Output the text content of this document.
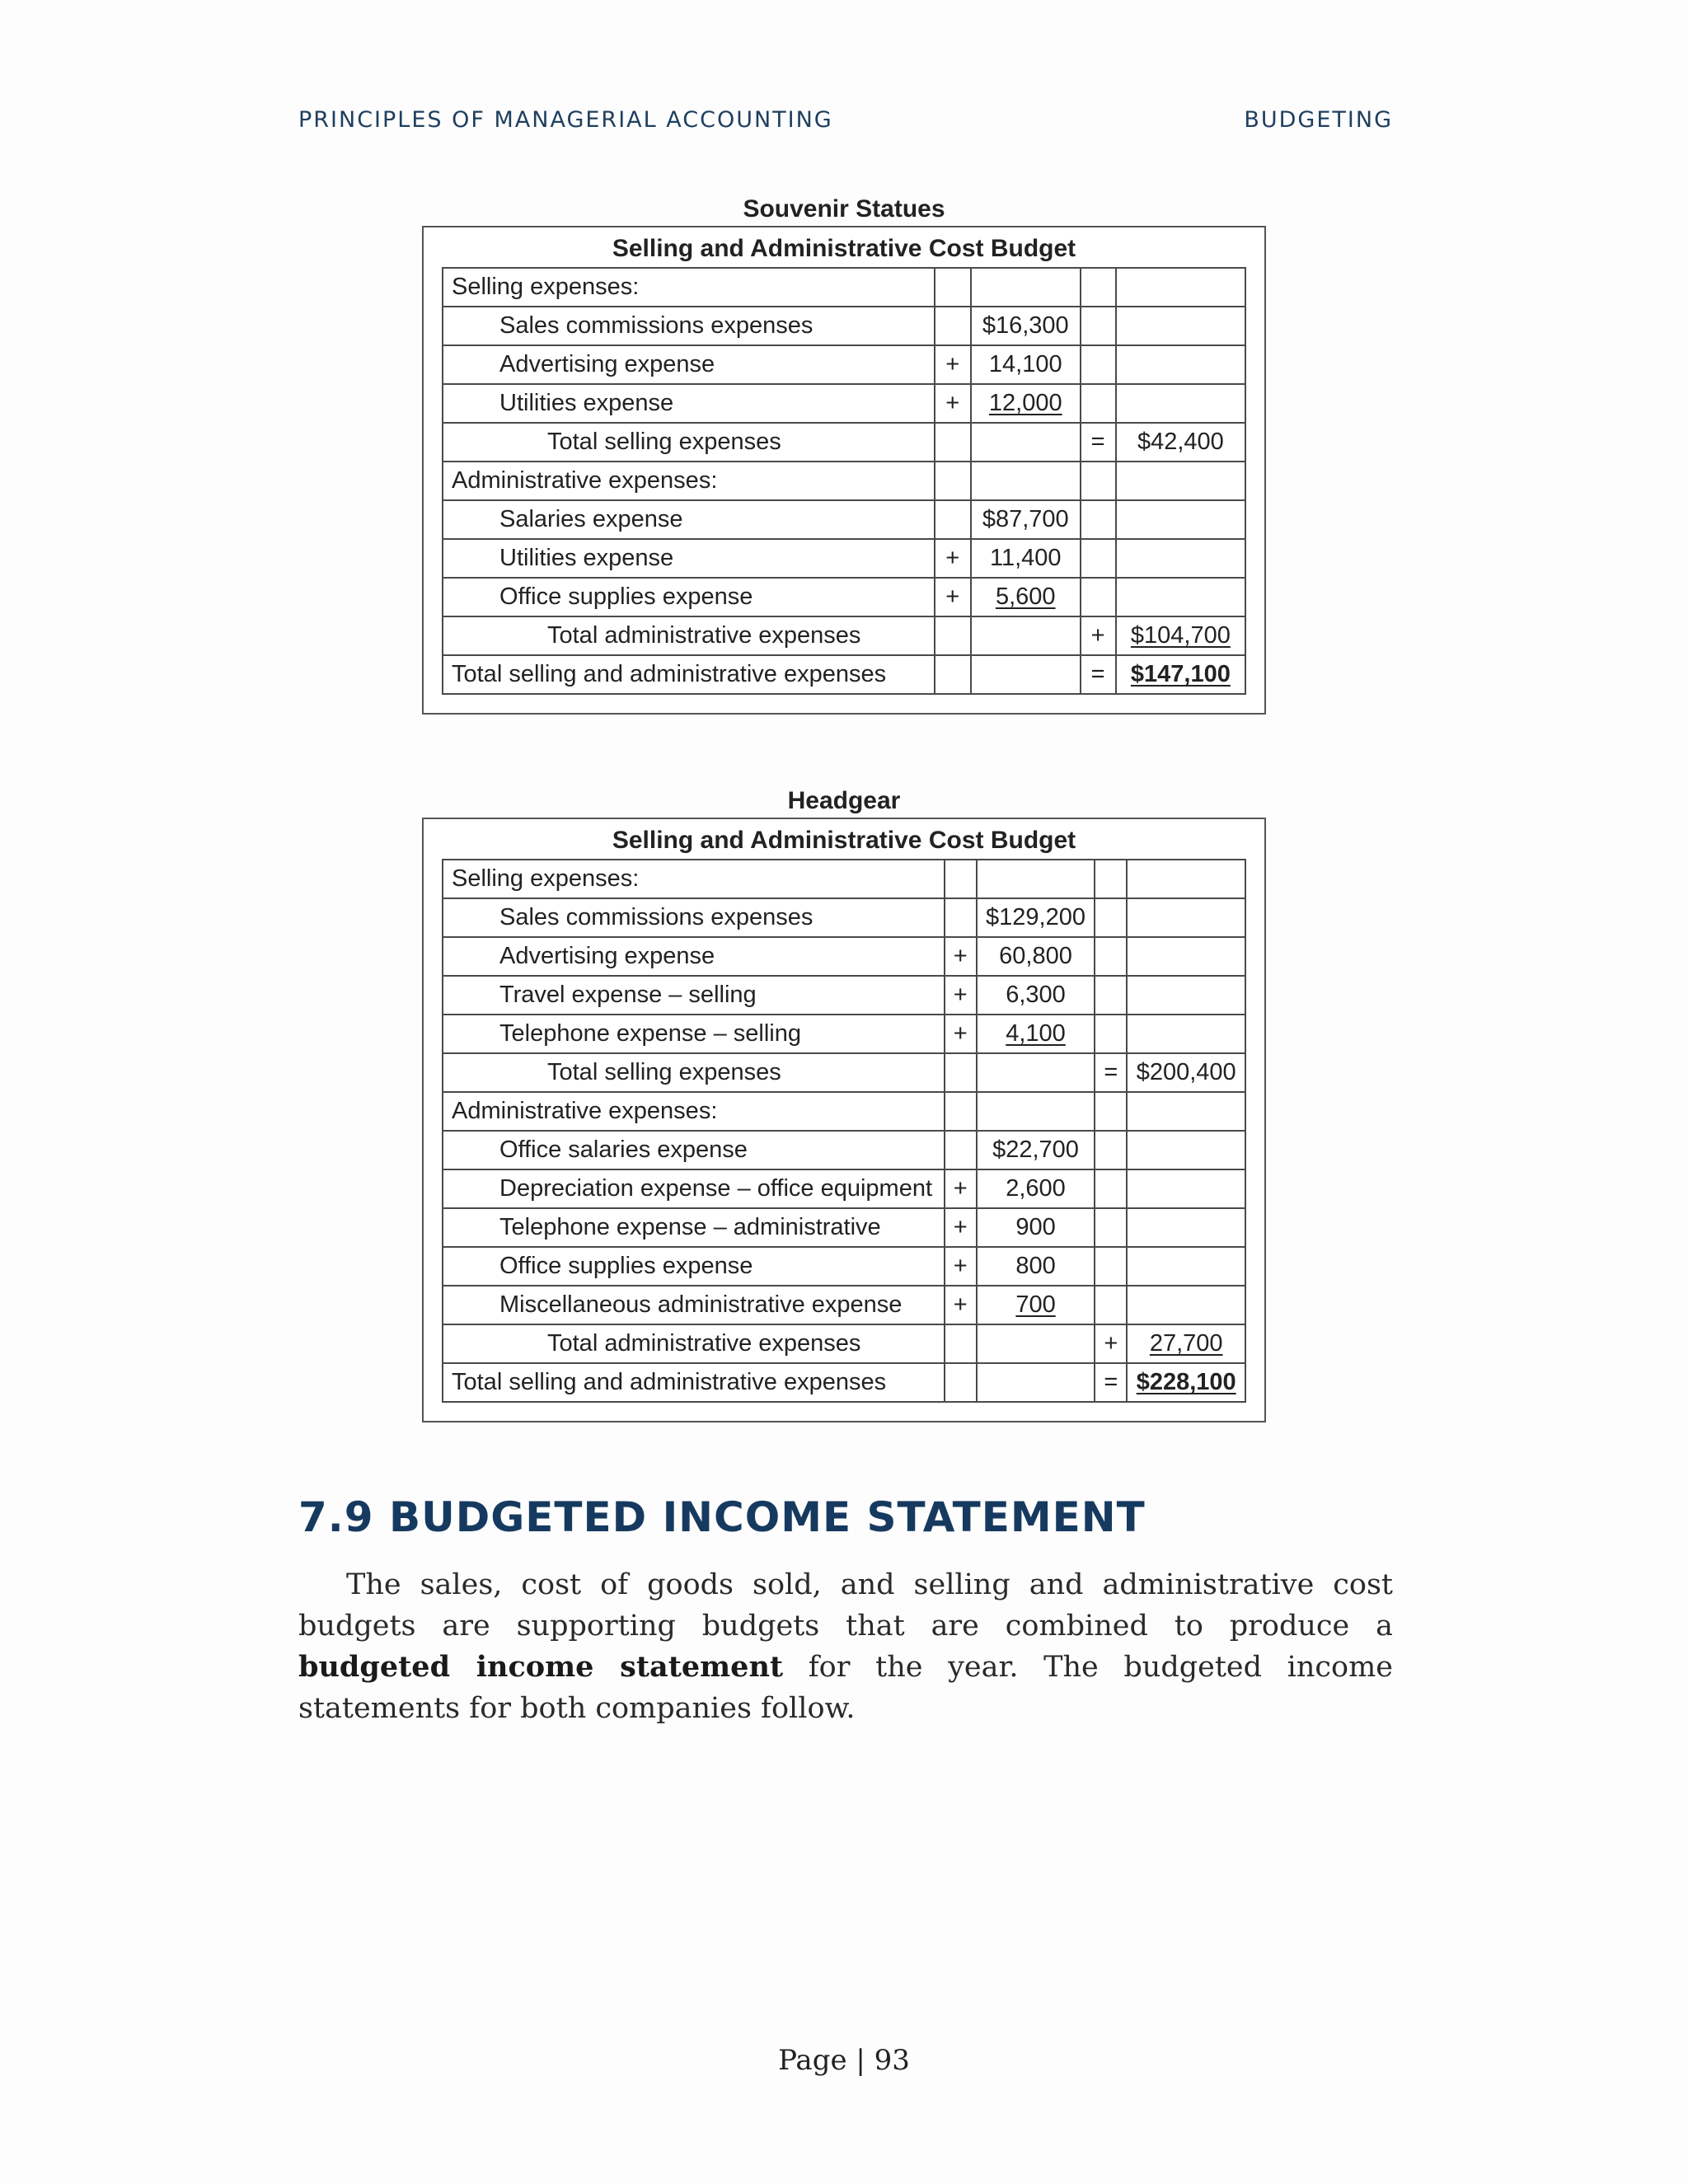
PRINCIPLES OF MANAGERIAL ACCOUNTING	BUDGETING
Souvenir Statues
Selling and Administrative Cost Budget
Selling expenses:				
Sales commissions expenses		$16,300		
Advertising expense	+	14,100		
Utilities expense	+	12,000		
Total selling expenses			=	$42,400
Administrative expenses:				
Salaries expense		$87,700		
Utilities expense	+	11,400		
Office supplies expense	+	5,600		
Total administrative expenses			+	$104,700
Total selling and administrative expenses			=	$147,100
Headgear
Selling and Administrative Cost Budget
Selling expenses:				
Sales commissions expenses		$129,200		
Advertising expense	+	60,800		
Travel expense – selling	+	6,300		
Telephone expense – selling	+	4,100		
Total selling expenses			=	$200,400
Administrative expenses:				
Office salaries expense		$22,700		
Depreciation expense – office equipment	+	2,600		
Telephone expense – administrative	+	900		
Office supplies expense	+	800		
Miscellaneous administrative expense	+	700		
Total administrative expenses			+	27,700
Total selling and administrative expenses			=	$228,100
7.9 BUDGETED INCOME STATEMENT

The sales, cost of goods sold, and selling and administrative cost budgets are supporting budgets that are combined to produce a budgeted income statement for the year. The budgeted income statements for both companies follow.

Page | 93
